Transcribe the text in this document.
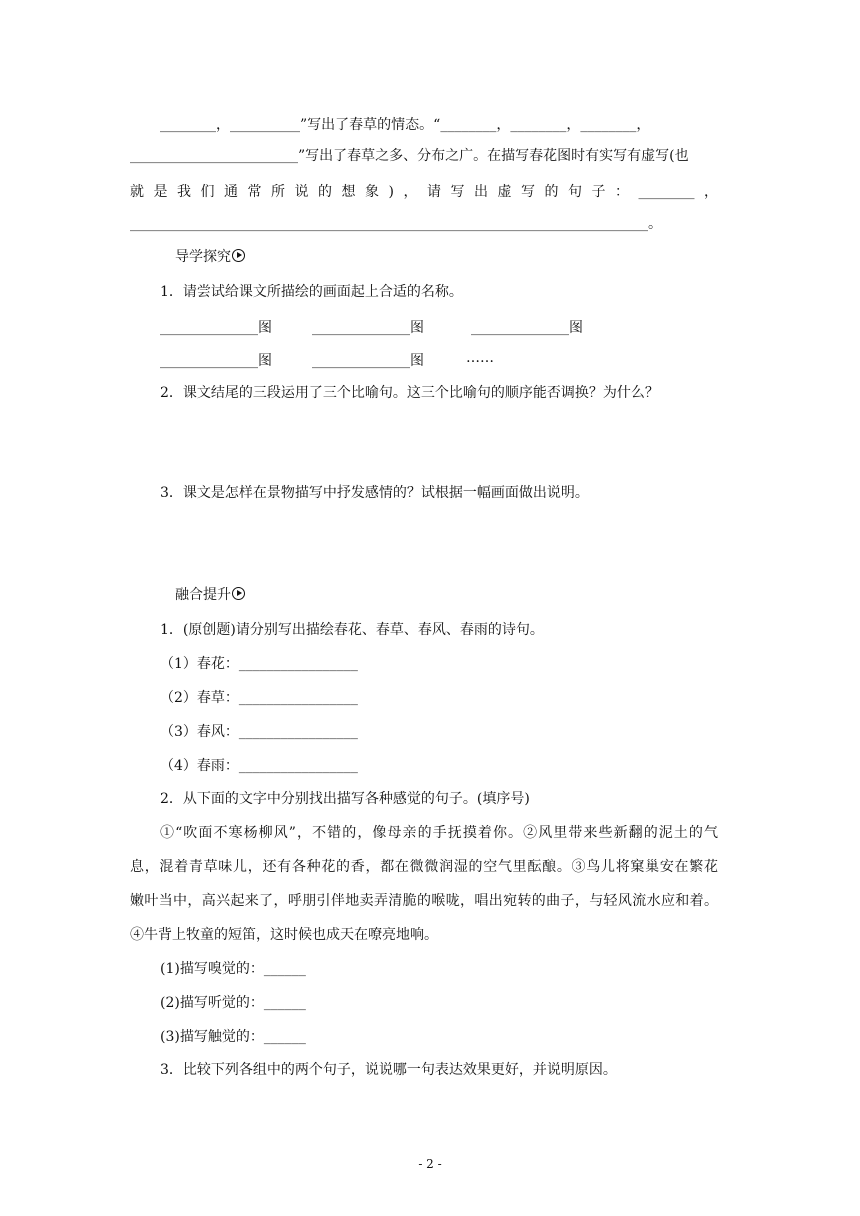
________，__________”写出了春草的情态。“________，________，________，
________________________”写出了春草之多、分布之广。在描写春花图时有实写有虚写(也
就是我们通常所说的想象)，请写出虚写的句子：________，
__________________________________________________________________________。
导学探究
1．请尝试给课文所描绘的画面起上合适的名称。
______________图	______________图	______________图
______________图	______________图	……
2．课文结尾的三段运用了三个比喻句。这三个比喻句的顺序能否调换？为什么？
3．课文是怎样在景物描写中抒发感情的？试根据一幅画面做出说明。
融合提升
1．(原创题)请分别写出描绘春花、春草、春风、春雨的诗句。
（1）春花：_________________
（2）春草：_________________
（3）春风：_________________
（4）春雨：_________________
2．从下面的文字中分别找出描写各种感觉的句子。(填序号)
①“吹面不寒杨柳风”，不错的，像母亲的手抚摸着你。②风里带来些新翻的泥土的气
息，混着青草味儿，还有各种花的香，都在微微润湿的空气里酝酿。③鸟儿将窠巢安在繁花
嫩叶当中，高兴起来了，呼朋引伴地卖弄清脆的喉咙，唱出宛转的曲子，与轻风流水应和着。
④牛背上牧童的短笛，这时候也成天在嘹亮地响。
(1)描写嗅觉的：______
(2)描写听觉的：______
(3)描写触觉的：______
3．比较下列各组中的两个句子，说说哪一句表达效果更好，并说明原因。
- 2 -
